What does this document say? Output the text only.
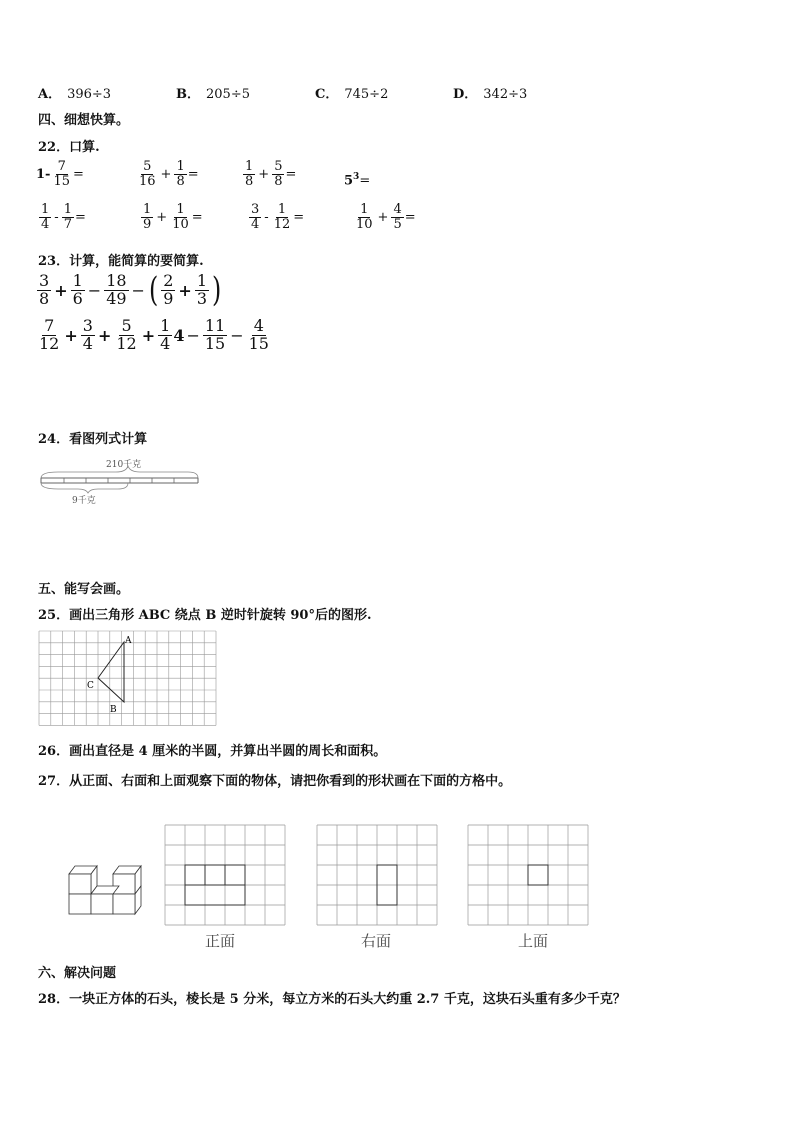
A． 396÷3	B． 205÷5	C． 745÷2	D． 342÷3
四、细想快算。
22．口算.
$1- \frac{7}{15}$ =	$\frac{5}{16} + \frac{1}{8}$ =	$\frac{1}{8} + \frac{5}{8}$ =	$5^3=$
$\frac{1}{4} - \frac{1}{7}$ =	$\frac{1}{9} + \frac{1}{10}$ =	$\frac{3}{4} - \frac{1}{12}$ =	$\frac{1}{10} + \frac{4}{5}$ =
23．计算，能简算的要简算.
$\frac{3}{8} + \frac{1}{6} - \frac{18}{49}$ − ( $\frac{2}{9} + \frac{1}{3}$ )
$\frac{7}{12} + \frac{3}{4} + \frac{5}{12} + \frac{1}{4} 4 - \frac{11}{15} - \frac{4}{15}$
24．看图列式计算
210千克
9千克
五、能写会画。
25．画出三角形 ABC 绕点 B 逆时针旋转 90°后的图形.
A
B
C
26．画出直径是 4 厘米的半圆，并算出半圆的周长和面积。
27．从正面、右面和上面观察下面的物体，请把你看到的形状画在下面的方格中。
正面	右面	上面
六、解决问题
28．一块正方体的石头，棱长是 5 分米，每立方米的石头大约重 2.7 千克，这块石头重有多少千克？
